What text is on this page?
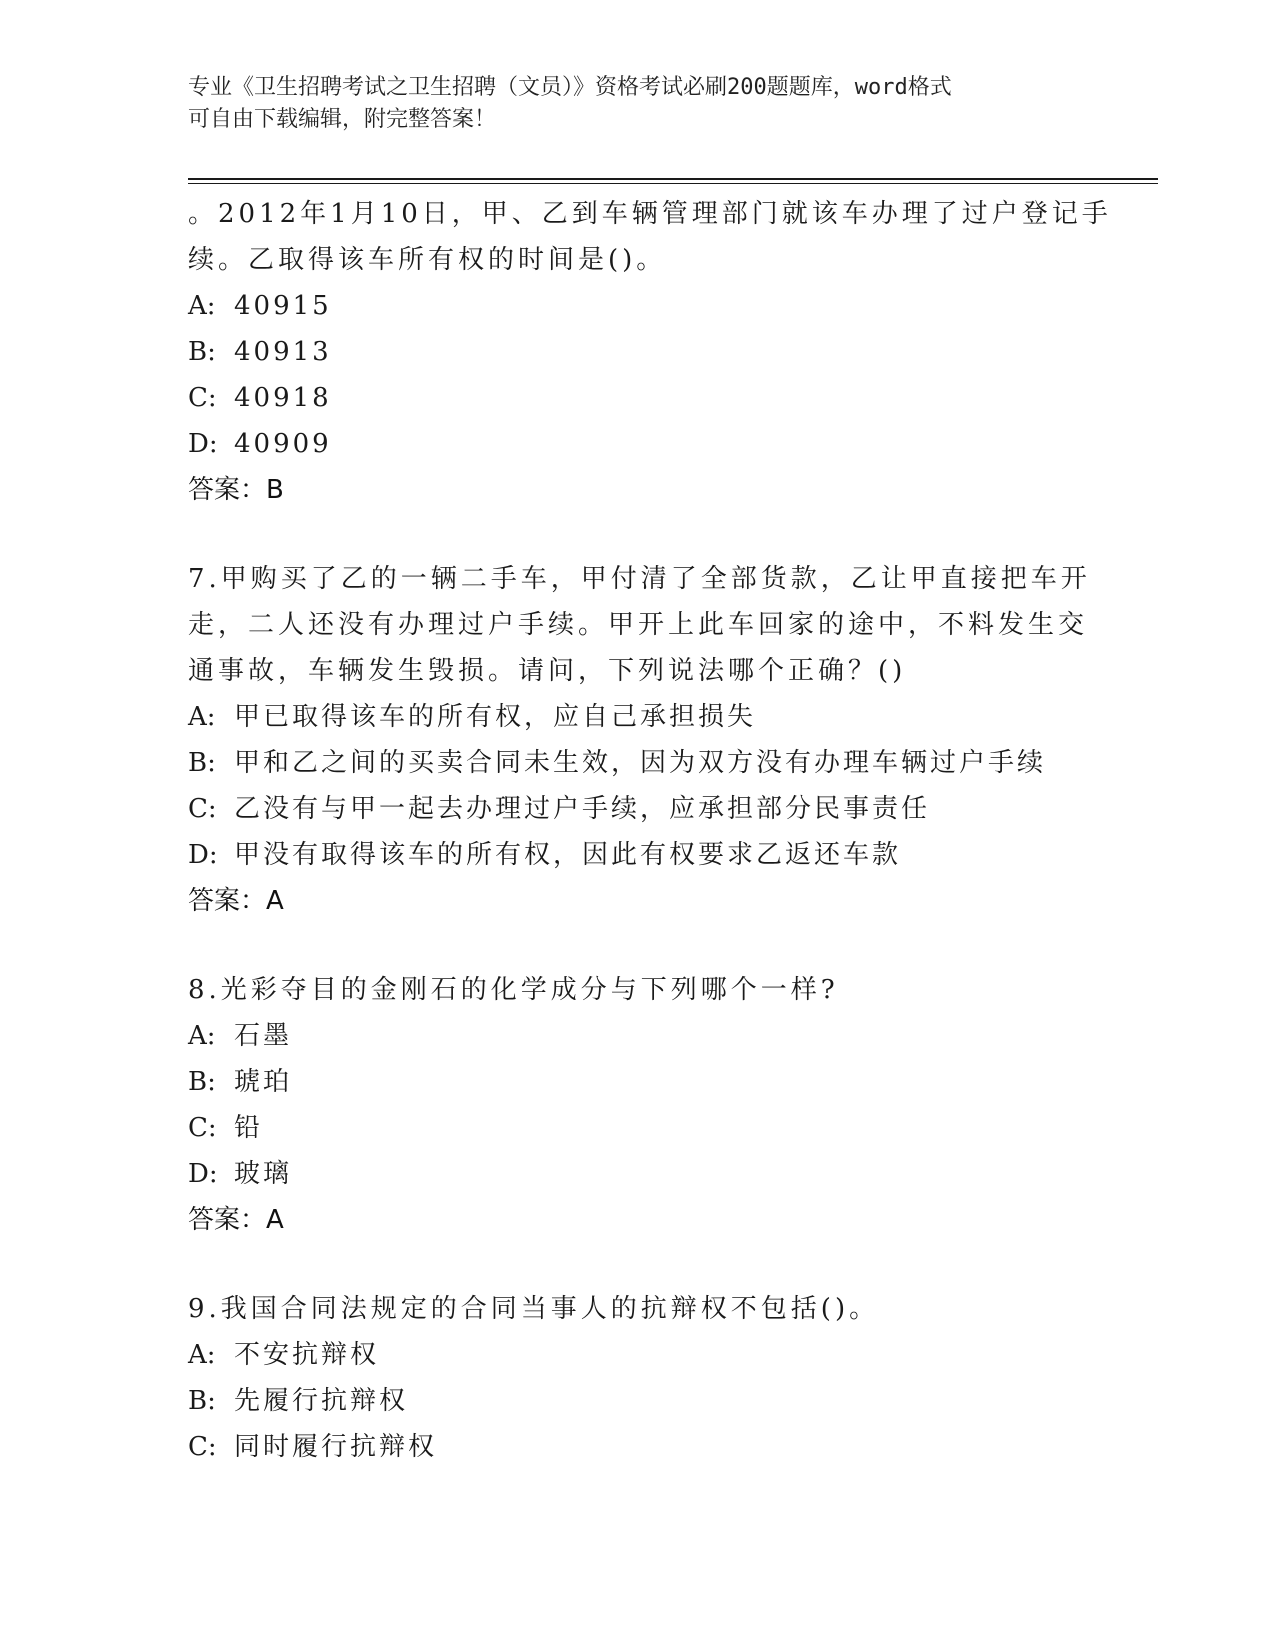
专业《卫生招聘考试之卫生招聘（文员）》资格考试必刷200题题库，word格式
可自由下载编辑，附完整答案！
。2012年1月10日，甲、乙到车辆管理部门就该车办理了过户登记手
续。乙取得该车所有权的时间是()。
A: 40915
B: 40913
C: 40918
D: 40909
答案：B
7.甲购买了乙的一辆二手车，甲付清了全部货款，乙让甲直接把车开
走，二人还没有办理过户手续。甲开上此车回家的途中，不料发生交
通事故，车辆发生毁损。请问，下列说法哪个正确？()
A: 甲已取得该车的所有权，应自己承担损失
B: 甲和乙之间的买卖合同未生效，因为双方没有办理车辆过户手续
C: 乙没有与甲一起去办理过户手续，应承担部分民事责任
D: 甲没有取得该车的所有权，因此有权要求乙返还车款
答案：A
8.光彩夺目的金刚石的化学成分与下列哪个一样?
A: 石墨
B: 琥珀
C: 铅
D: 玻璃
答案：A
9.我国合同法规定的合同当事人的抗辩权不包括()。
A: 不安抗辩权
B: 先履行抗辩权
C: 同时履行抗辩权
